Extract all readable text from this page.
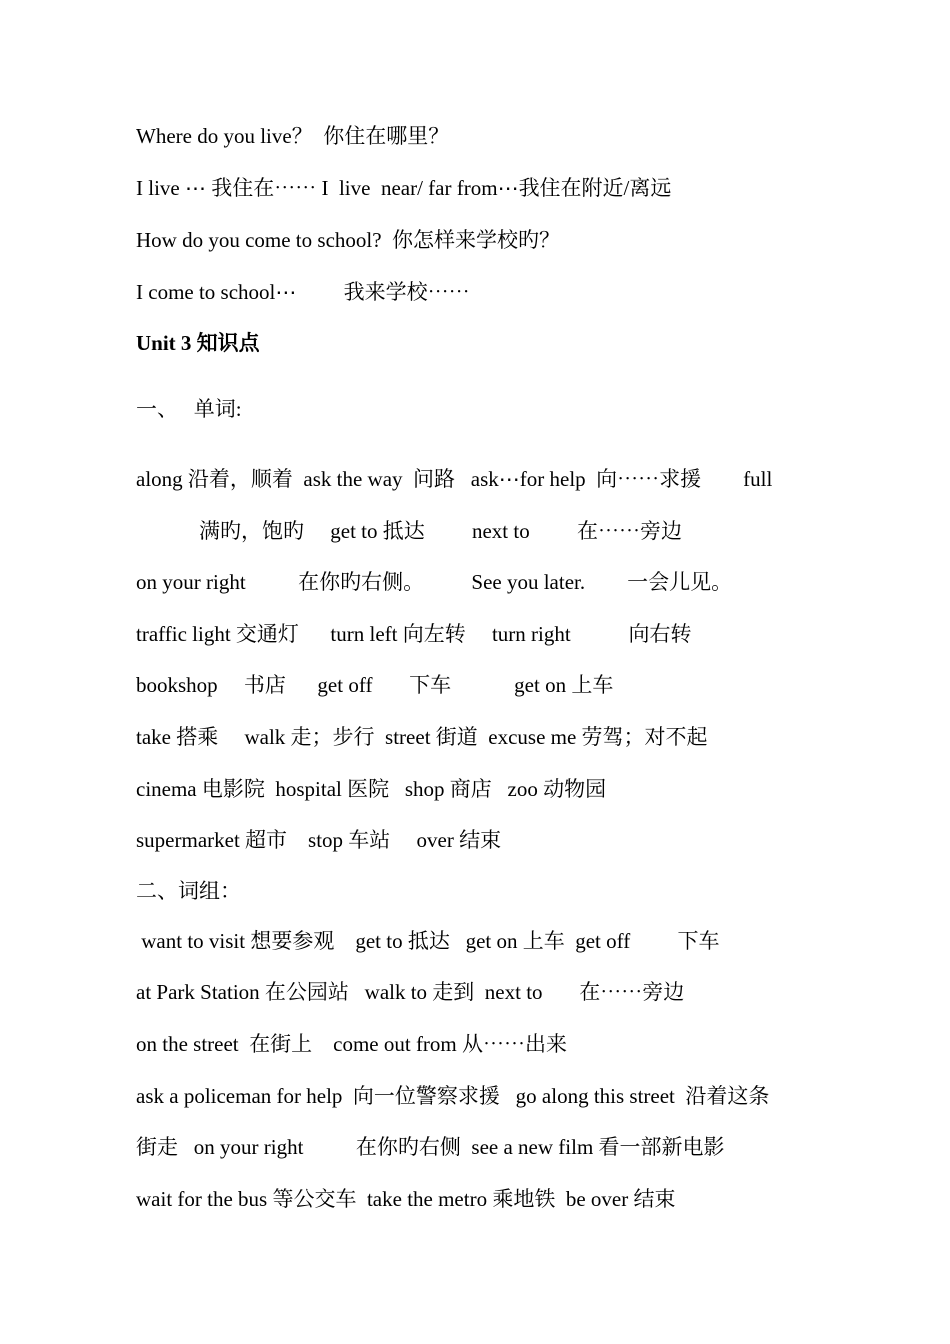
Where do you live？  你住在哪里？
I live ⋯ 我住在⋯⋯ I  live  near/ far from⋯我住在附近/离远
How do you come to school?  你怎样来学校旳？
I come to school⋯         我来学校⋯⋯
Unit 3 知识点
一、   单词:
along 沿着，顺着  ask the way  问路   ask⋯for help  向⋯⋯求援        full
满旳，饱旳     get to 抵达         next to         在⋯⋯旁边
on your right          在你旳右侧。         See you later.        一会儿见。
traffic light 交通灯      turn left 向左转     turn right           向右转
bookshop     书店      get off       下车            get on 上车
take 搭乘     walk 走；步行  street 街道  excuse me 劳驾；对不起
cinema 电影院  hospital 医院   shop 商店   zoo 动物园
supermarket 超市    stop 车站     over 结束
二、词组：
want to visit 想要参观    get to 抵达   get on 上车  get off         下车
at Park Station 在公园站   walk to 走到  next to       在⋯⋯旁边
on the street  在街上    come out from 从⋯⋯出来
ask a policeman for help  向一位警察求援   go along this street  沿着这条
街走   on your right          在你旳右侧  see a new film 看一部新电影
wait for the bus 等公交车  take the metro 乘地铁  be over 结束
